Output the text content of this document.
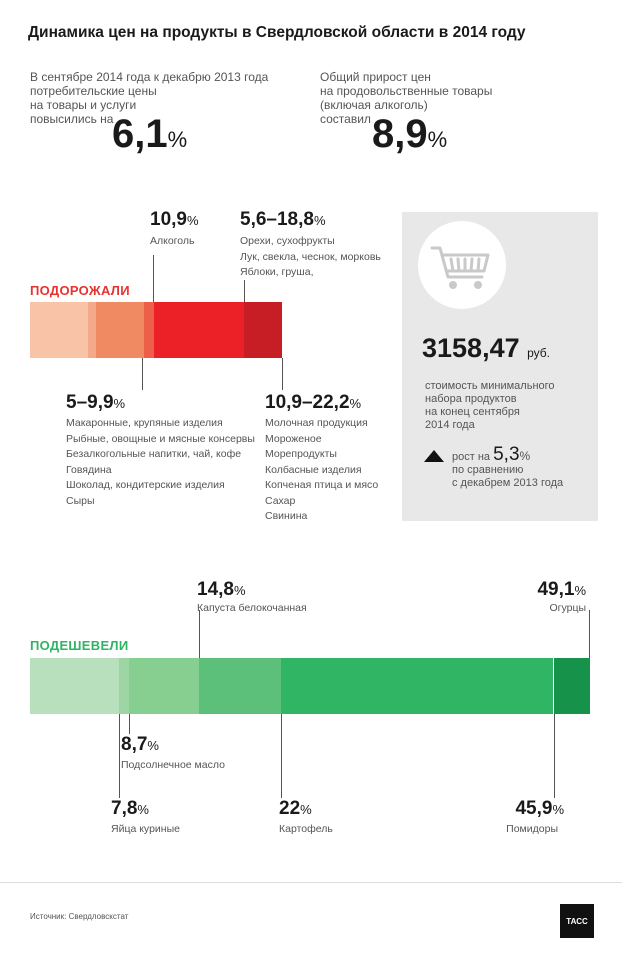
Динамика цен на продукты в Свердловской области в 2014 году
В сентябре 2014 года к декабрю 2013 года
потребительские цены
на товары и услуги
повысились на
6,1%
Общий прирост цен
на продовольственные товары
(включая алкоголь)
составил 8,9%
ПОДОРОЖАЛИ
10,9%
Алкоголь
5,6–18,8%
Орехи, сухофрукты
Лук, свекла, чеснок, морковь
Яблоки, груша,
5–9,9%
Макаронные, крупяные изделия
Рыбные, овощные и мясные консервы
Безалкогольные напитки, чай, кофе
Говядина
Шоколад, кондитерские изделия
Сыры
10,9–22,2%
Молочная продукция
Мороженое
Морепродукты
Колбасные изделия
Копченая птица и мясо
Сахар
Свинина
3158,47 руб.
стоимость минимального
набора продуктов
на конец сентября
2014 года
рост на 5,3%
по сравнению
с декабрем 2013 года
ПОДЕШЕВЕЛИ
7,8%
Яйца куриные
8,7%
Подсолнечное масло
14,8%
Капуста белокочанная
22%
Картофель
45,9%
Помидоры
49,1%
Огурцы
Источник: Свердловскстат	ТАСС
